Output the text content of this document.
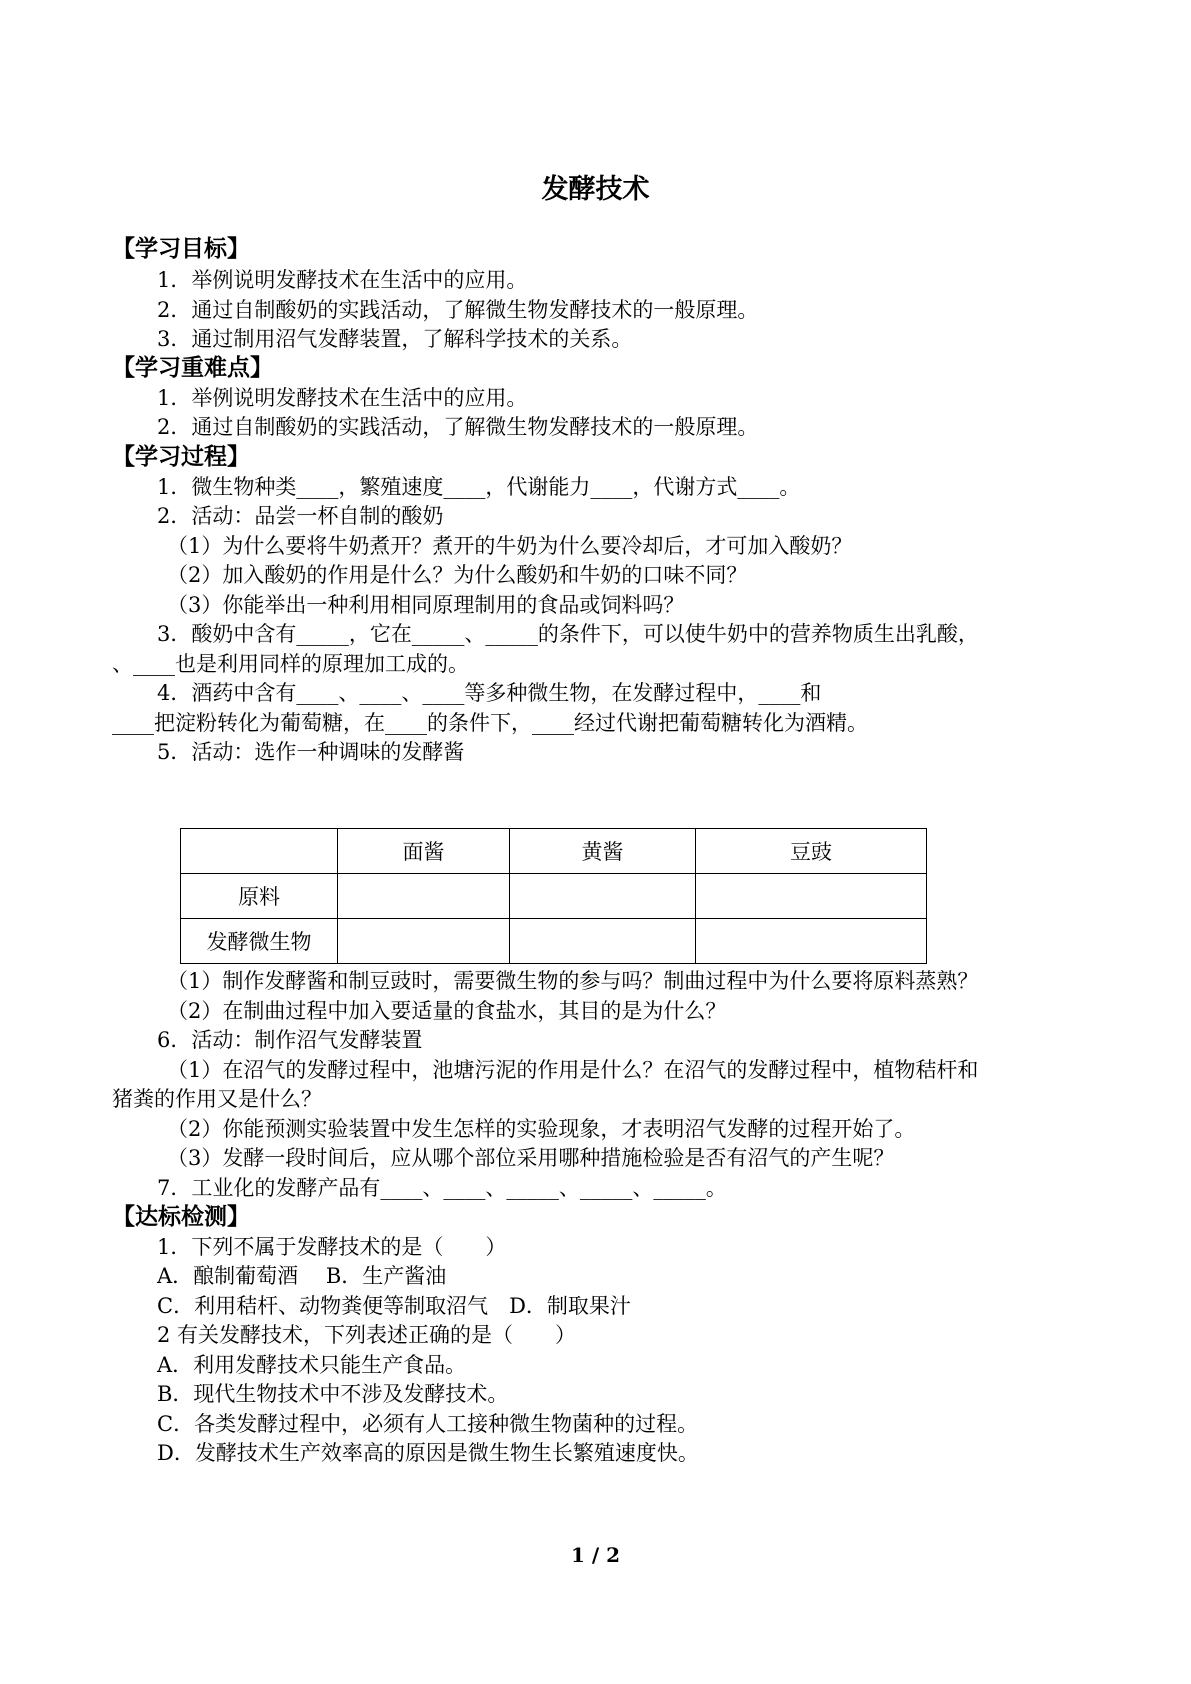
发酵技术
【学习目标】
1．举例说明发酵技术在生活中的应用。
2．通过自制酸奶的实践活动，了解微生物发酵技术的一般原理。
3．通过制用沼气发酵装置，了解科学技术的关系。
【学习重难点】
1．举例说明发酵技术在生活中的应用。
2．通过自制酸奶的实践活动，了解微生物发酵技术的一般原理。
【学习过程】
1．微生物种类____，繁殖速度____，代谢能力____，代谢方式____。
2．活动：品尝一杯自制的酸奶
（1）为什么要将牛奶煮开？煮开的牛奶为什么要冷却后，才可加入酸奶？
（2）加入酸奶的作用是什么？为什么酸奶和牛奶的口味不同？
（3）你能举出一种利用相同原理制用的食品或饲料吗？
3．酸奶中含有_____，它在_____、_____的条件下，可以使牛奶中的营养物质生出乳酸，
、____也是利用同样的原理加工成的。
4．酒药中含有____、____、____等多种微生物，在发酵过程中，____和
____把淀粉转化为葡萄糖，在____的条件下，____经过代谢把葡萄糖转化为酒精。
5．活动：选作一种调味的发酵酱
	面酱	黄酱	豆豉
原料			
发酵微生物			
（1）制作发酵酱和制豆豉时，需要微生物的参与吗？制曲过程中为什么要将原料蒸熟？
（2）在制曲过程中加入要适量的食盐水，其目的是为什么？
6．活动：制作沼气发酵装置
（1）在沼气的发酵过程中，池塘污泥的作用是什么？在沼气的发酵过程中，植物秸杆和
猪粪的作用又是什么？
（2）你能预测实验装置中发生怎样的实验现象，才表明沼气发酵的过程开始了。
（3）发酵一段时间后，应从哪个部位采用哪种措施检验是否有沼气的产生呢？
7．工业化的发酵产品有____、____、_____、_____、_____。
【达标检测】
1．下列不属于发酵技术的是（　　）
A．酿制葡萄酒　 B．生产酱油
C．利用秸杆、动物粪便等制取沼气　D．制取果汁
2 有关发酵技术，下列表述正确的是（　　）
A．利用发酵技术只能生产食品。
B．现代生物技术中不涉及发酵技术。
C．各类发酵过程中，必须有人工接种微生物菌种的过程。
D．发酵技术生产效率高的原因是微生物生长繁殖速度快。
1 / 2
